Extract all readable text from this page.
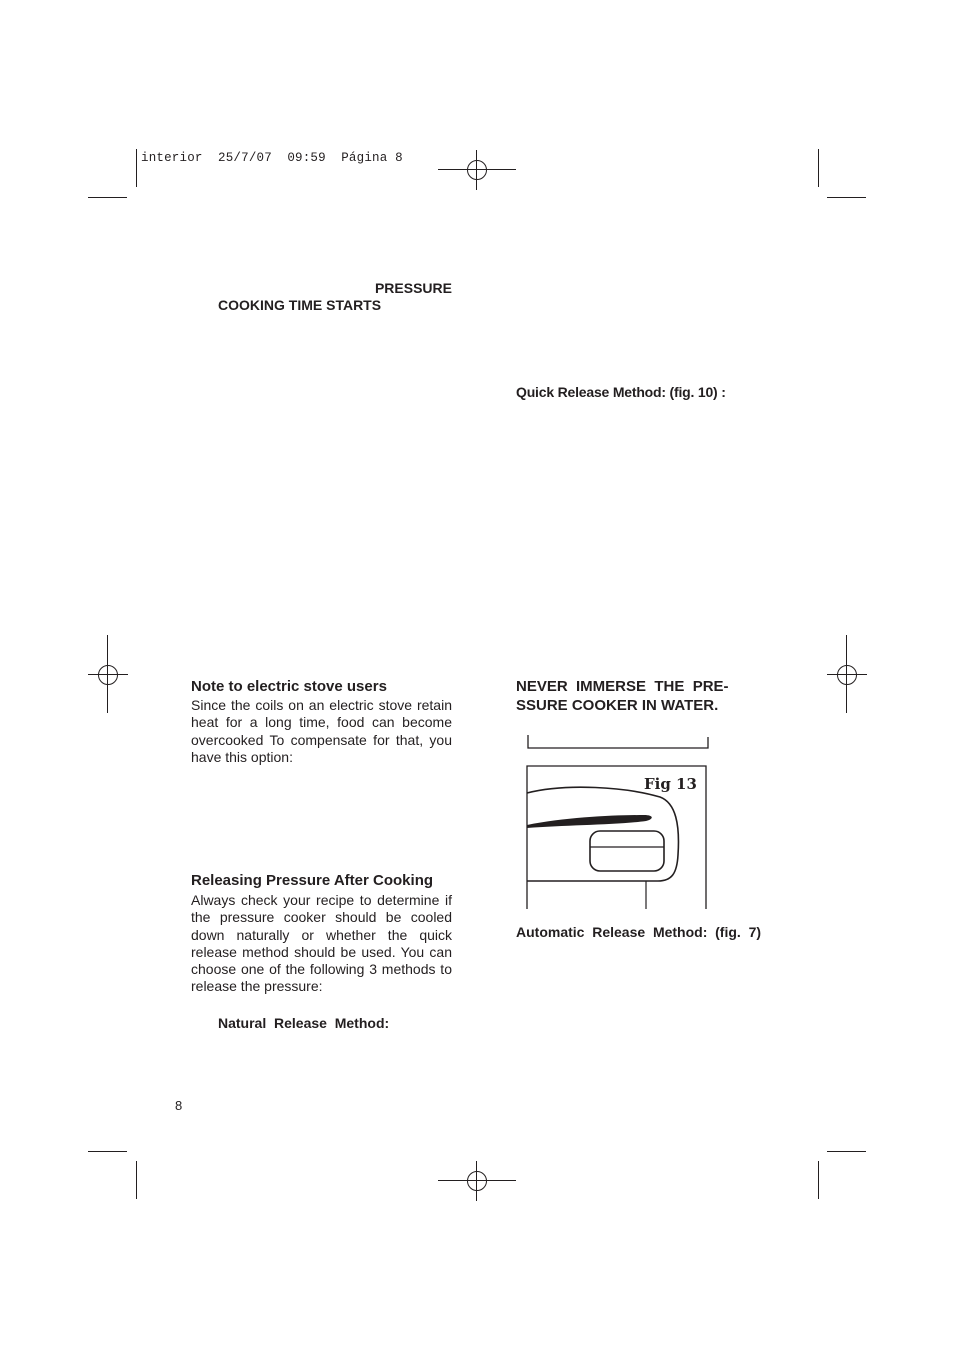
interior  25/7/07  09:59  Página 8
PRESSURE
COOKING TIME STARTS
Note to electric stove users
Since the coils on an electric stove retain heat for a long time, food can become overcooked To compensate for that, you have this option:
Releasing Pressure After Cooking
Always check your recipe to determine if the pressure cooker should be cooled down naturally or whether the quick release method should be used. You can choose one of the following 3 methods to release the pressure:
Natural  Release  Method:
Quick Release Method: (fig. 10) :
NEVER  IMMERSE  THE  PRE-
SSURE COOKER IN WATER.
Fig 13
Automatic  Release  Method:  (fig.  7)
8
